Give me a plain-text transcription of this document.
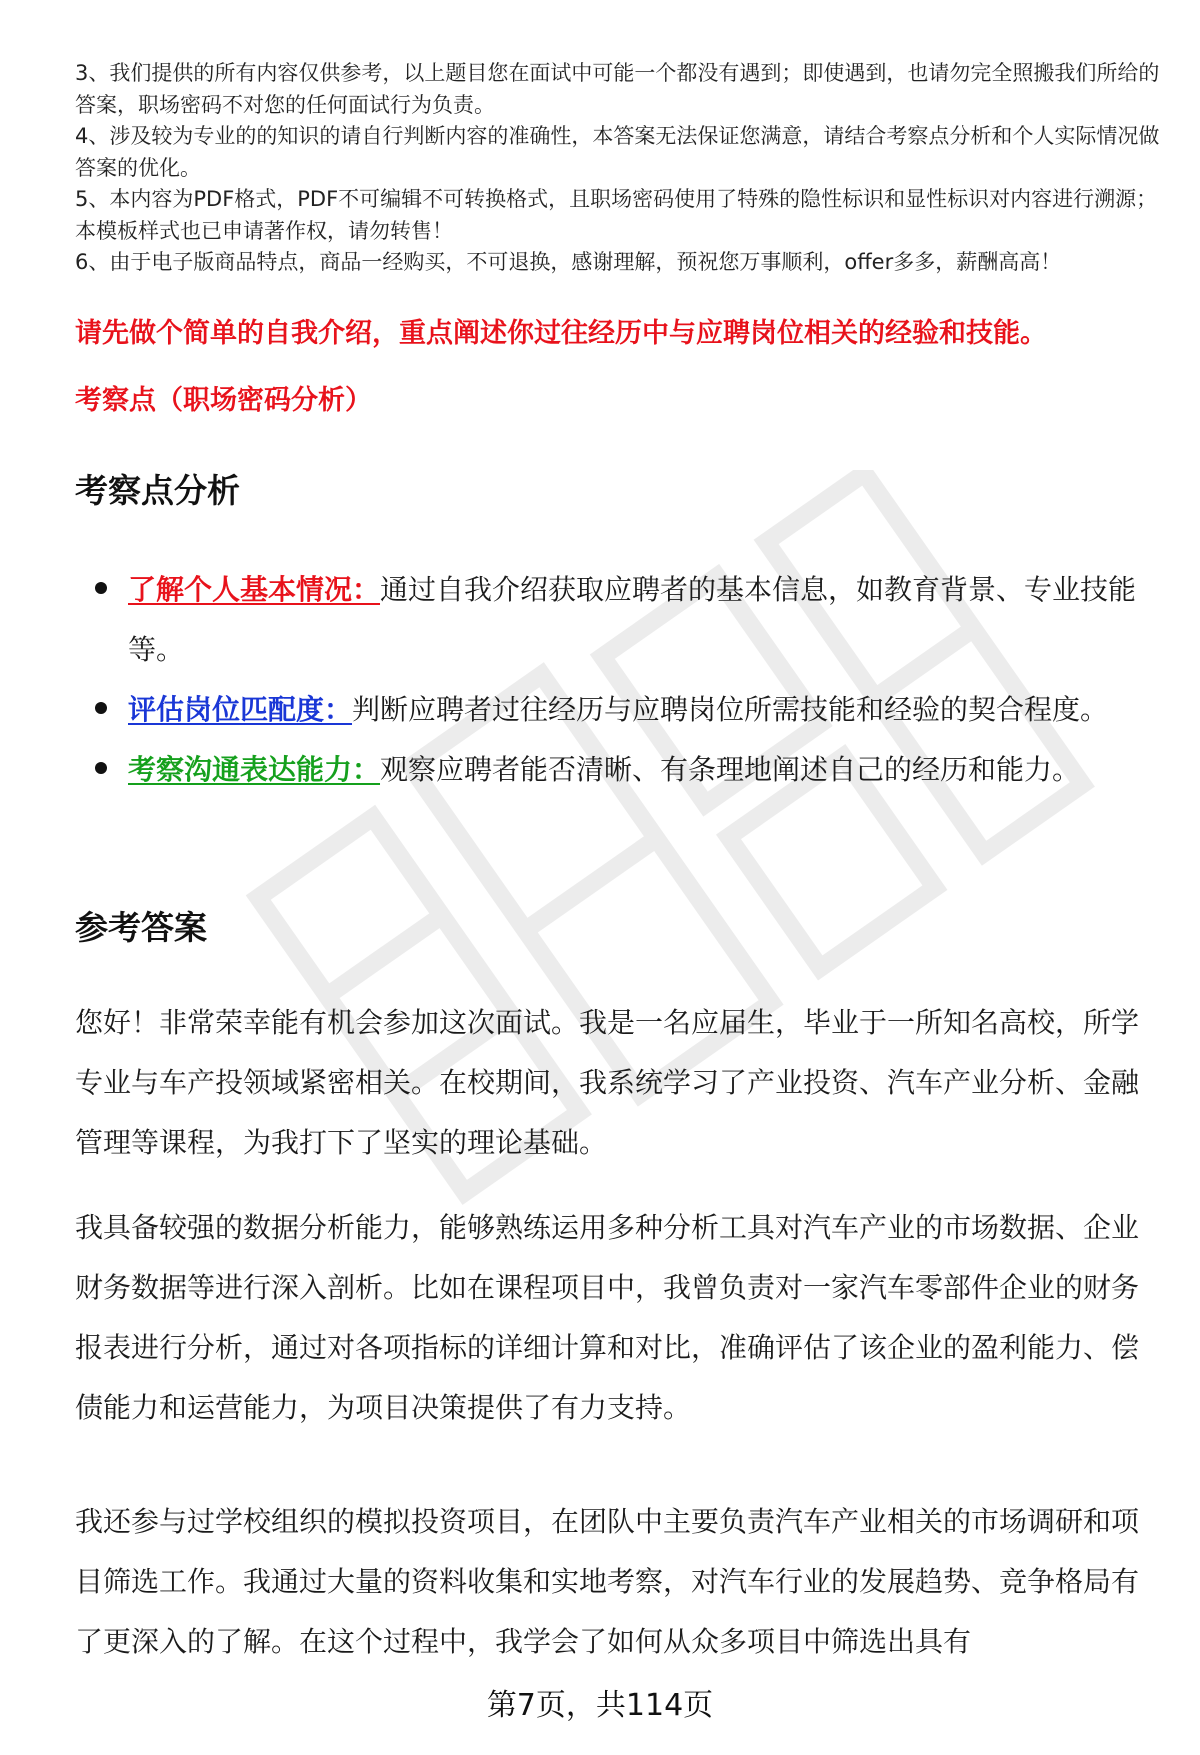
3、我们提供的所有内容仅供参考，以上题目您在面试中可能一个都没有遇到；即使遇到，也请勿完全照搬我们所给的答案，职场密码不对您的任何面试行为负责。

4、涉及较为专业的的知识的请自行判断内容的准确性，本答案无法保证您满意，请结合考察点分析和个人实际情况做答案的优化。

5、本内容为PDF格式，PDF不可编辑不可转换格式，且职场密码使用了特殊的隐性标识和显性标识对内容进行溯源；本模板样式也已申请著作权，请勿转售！

6、由于电子版商品特点，商品一经购买，不可退换，感谢理解，预祝您万事顺利，offer多多，薪酬高高！

请先做个简单的自我介绍，重点阐述你过往经历中与应聘岗位相关的经验和技能。
考察点（职场密码分析）
考察点分析

了解个人基本情况：通过自我介绍获取应聘者的基本信息，如教育背景、专业技能等。

评估岗位匹配度：判断应聘者过往经历与应聘岗位所需技能和经验的契合程度。

考察沟通表达能力：观察应聘者能否清晰、有条理地阐述自己的经历和能力。

参考答案

您好！非常荣幸能有机会参加这次面试。我是一名应届生，毕业于一所知名高校，所学专业与车产投领域紧密相关。在校期间，我系统学习了产业投资、汽车产业分析、金融管理等课程，为我打下了坚实的理论基础。

我具备较强的数据分析能力，能够熟练运用多种分析工具对汽车产业的市场数据、企业财务数据等进行深入剖析。比如在课程项目中，我曾负责对一家汽车零部件企业的财务报表进行分析，通过对各项指标的详细计算和对比，准确评估了该企业的盈利能力、偿债能力和运营能力，为项目决策提供了有力支持。

我还参与过学校组织的模拟投资项目，在团队中主要负责汽车产业相关的市场调研和项目筛选工作。我通过大量的资料收集和实地考察，对汽车行业的发展趋势、竞争格局有了更深入的了解。在这个过程中，我学会了如何从众多项目中筛选出具有

第7页，共114页
